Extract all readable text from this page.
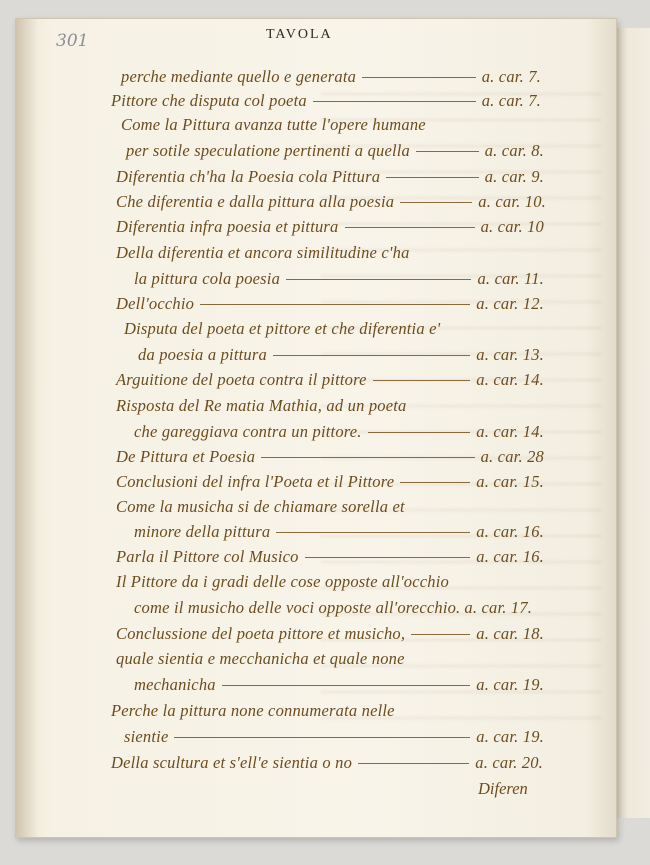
301	TAVOLA
perche mediante quello e generata	a. car. 7.
Pittore che disputa col poeta	a. car. 7.
Come la Pittura avanza tutte l'opere humane
per sotile speculatione pertinenti a quella	a. car. 8.
Diferentia ch'ha la Poesia cola Pittura	a. car. 9.
Che diferentia e dalla pittura alla poesia	a. car. 10.
Diferentia infra poesia et pittura	a. car. 10
Della diferentia et ancora similitudine c'ha
la pittura cola poesia	a. car. 11.
Dell'occhio	a. car. 12.
Disputa del poeta et pittore et che diferentia e'
da poesia a pittura	a. car. 13.
Arguitione del poeta contra il pittore	a. car. 14.
Risposta del Re matia Mathia, ad un poeta
che gareggiava contra un pittore.	a. car. 14.
De Pittura et Poesia	a. car. 28
Conclusioni del infra l'Poeta et il Pittore	a. car. 15.
Come la musicha si de chiamare sorella et
minore della pittura	a. car. 16.
Parla il Pittore col Musico	a. car. 16.
Il Pittore da i gradi delle cose opposte all'occhio
come il musicho delle voci opposte all'orecchio. a. car. 17.
Conclussione del poeta pittore et musicho,	a. car. 18.
quale sientia e mecchanicha et quale none
mechanicha	a. car. 19.
Perche la pittura none connumerata nelle
sientie	a. car. 19.
Della scultura et s'ell'e sientia o no	a. car. 20.
Diferen
